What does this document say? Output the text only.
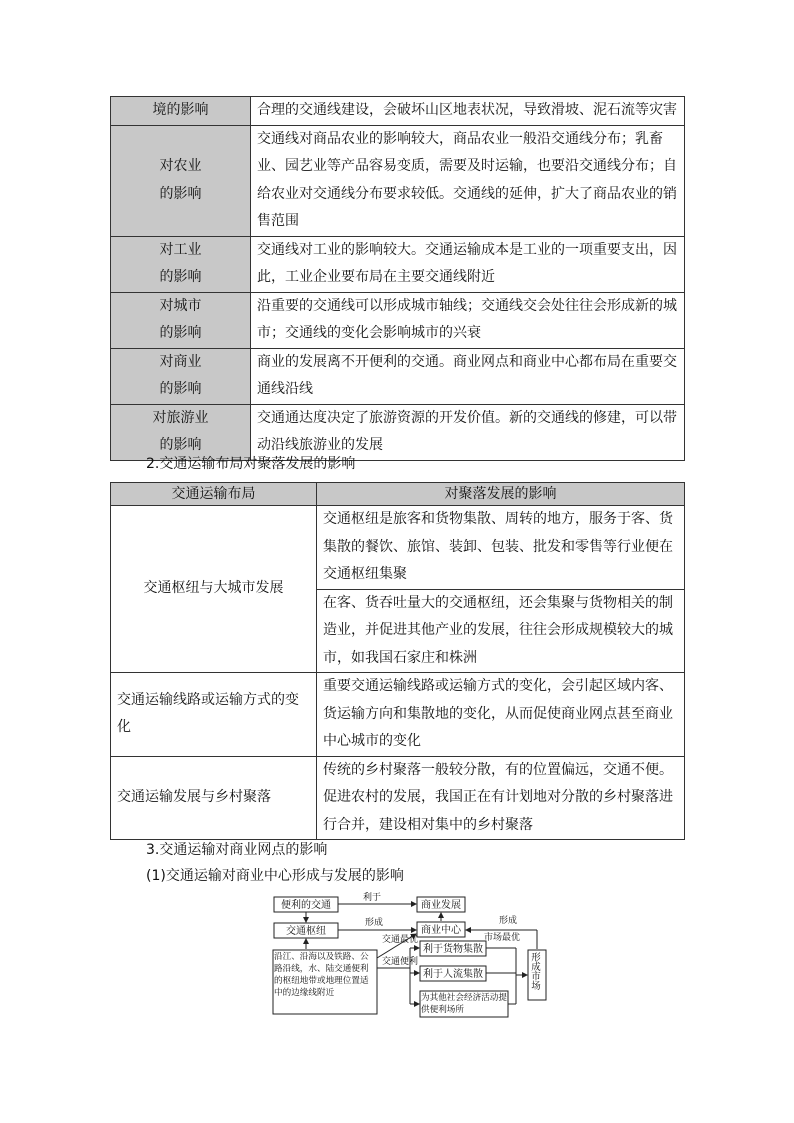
境的影响	合理的交通线建设，会破坏山区地表状况，导致滑坡、泥石流等灾害
对农业
的影响	交通线对商品农业的影响较大，商品农业一般沿交通线分布；乳畜业、园艺业等产品容易变质，需要及时运输，也要沿交通线分布；自给农业对交通线分布要求较低。交通线的延伸，扩大了商品农业的销售范围
对工业
的影响	交通线对工业的影响较大。交通运输成本是工业的一项重要支出，因此，工业企业要布局在主要交通线附近
对城市
的影响	沿重要的交通线可以形成城市轴线；交通线交会处往往会形成新的城市；交通线的变化会影响城市的兴衰
对商业
的影响	商业的发展离不开便利的交通。商业网点和商业中心都布局在重要交通线沿线
对旅游业
的影响	交通通达度决定了旅游资源的开发价值。新的交通线的修建，可以带动沿线旅游业的发展
2.交通运输布局对聚落发展的影响
交通运输布局	对聚落发展的影响
交通枢纽与大城市发展	交通枢纽是旅客和货物集散、周转的地方，服务于客、货集散的餐饮、旅馆、装卸、包装、批发和零售等行业便在交通枢纽集聚
	在客、货吞吐量大的交通枢纽，还会集聚与货物相关的制造业，并促进其他产业的发展，往往会形成规模较大的城市，如我国石家庄和株洲
交通运输线路或运输方式的变化	重要交通运输线路或运输方式的变化，会引起区域内客、货运输方向和集散地的变化，从而促使商业网点甚至商业中心城市的变化
交通运输发展与乡村聚落	传统的乡村聚落一般较分散，有的位置偏远，交通不便。促进农村的发展，我国正在有计划地对分散的乡村聚落进行合并，建设相对集中的乡村聚落
3.交通运输对商业网点的影响
(1)交通运输对商业中心形成与发展的影响
便利的交通
交通枢纽
沿江、沿海以及铁路、公路沿线，水、陆交通便利的枢纽地带或地理位置适中的边缘线附近
商业发展
商业中心
利于货物集散
利于人流集散
为其他社会经济活动提供便利场所
形成市场
利于
形成
交通最优
交通便利
形成
市场最优
